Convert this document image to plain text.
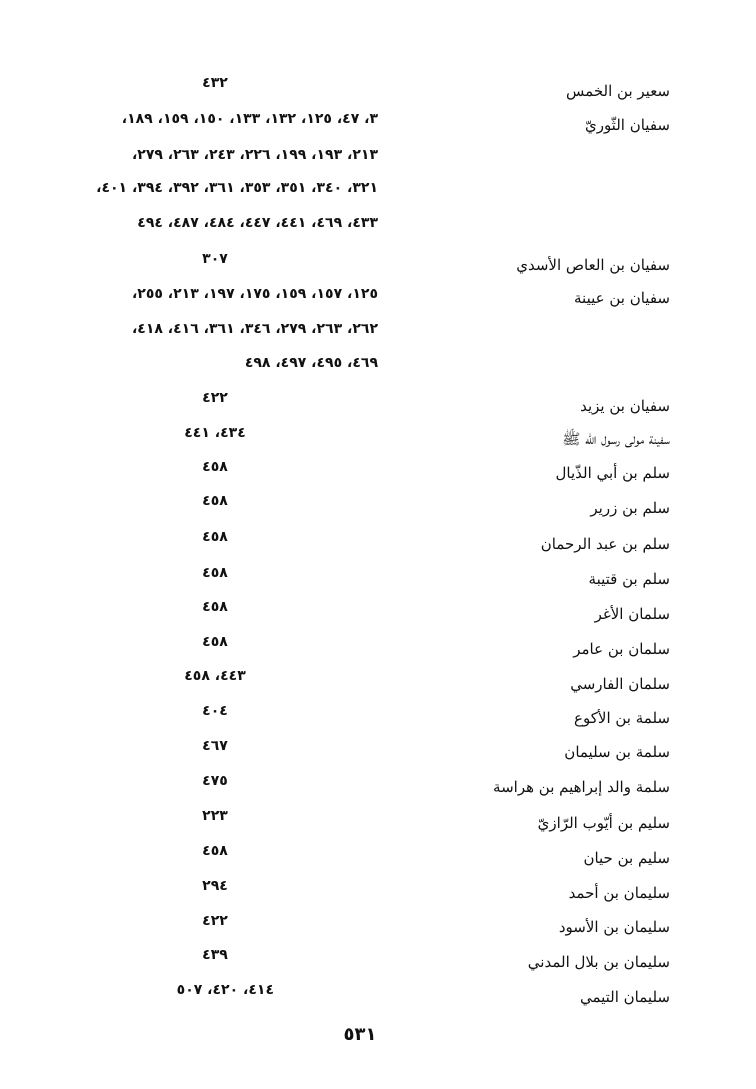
سعير بن الخمس
٤٣٢
سفيان الثّوريّ
٣، ٤٧، ١٢٥، ١٣٢، ١٣٣، ١٥٠، ١٥٩، ١٨٩،
٢١٣، ١٩٣، ١٩٩، ٢٢٦، ٢٤٣، ٢٦٣، ٢٧٩،
٣٢١، ٣٤٠، ٣٥١، ٣٥٣، ٣٦١، ٣٩٢، ٣٩٤، ٤٠١،
٤٣٣، ٤٦٩، ٤٤١، ٤٤٧، ٤٨٤، ٤٨٧، ٤٩٤
سفيان بن العاص الأسدي
٣٠٧
سفيان بن عيينة
١٢٥، ١٥٧، ١٥٩، ١٧٥، ١٩٧، ٢١٣، ٢٥٥،
٢٦٢، ٢٦٣، ٢٧٩، ٣٤٦، ٣٦١، ٤١٦، ٤١٨،
٤٦٩، ٤٩٥، ٤٩٧، ٤٩٨
سفيان بن يزيد
٤٢٢
سفينة مولى رسول الله ﷺ
٤٣٤، ٤٤١
سلم بن أبي الذّيال
٤٥٨
سلم بن زرير
٤٥٨
سلم بن عبد الرحمان
٤٥٨
سلم بن قتيبة
٤٥٨
سلمان الأغر
٤٥٨
سلمان بن عامر
٤٥٨
سلمان الفارسي
٤٤٣، ٤٥٨
سلمة بن الأكوع
٤٠٤
سلمة بن سليمان
٤٦٧
سلمة والد إبراهيم بن هراسة
٤٧٥
سليم بن أيّوب الرّازيّ
٢٢٣
سليم بن حيان
٤٥٨
سليمان بن أحمد
٢٩٤
سليمان بن الأسود
٤٢٢
سليمان بن بلال المدني
٤٣٩
سليمان التيمي
٤١٤، ٤٢٠، ٥٠٧
٥٣١
